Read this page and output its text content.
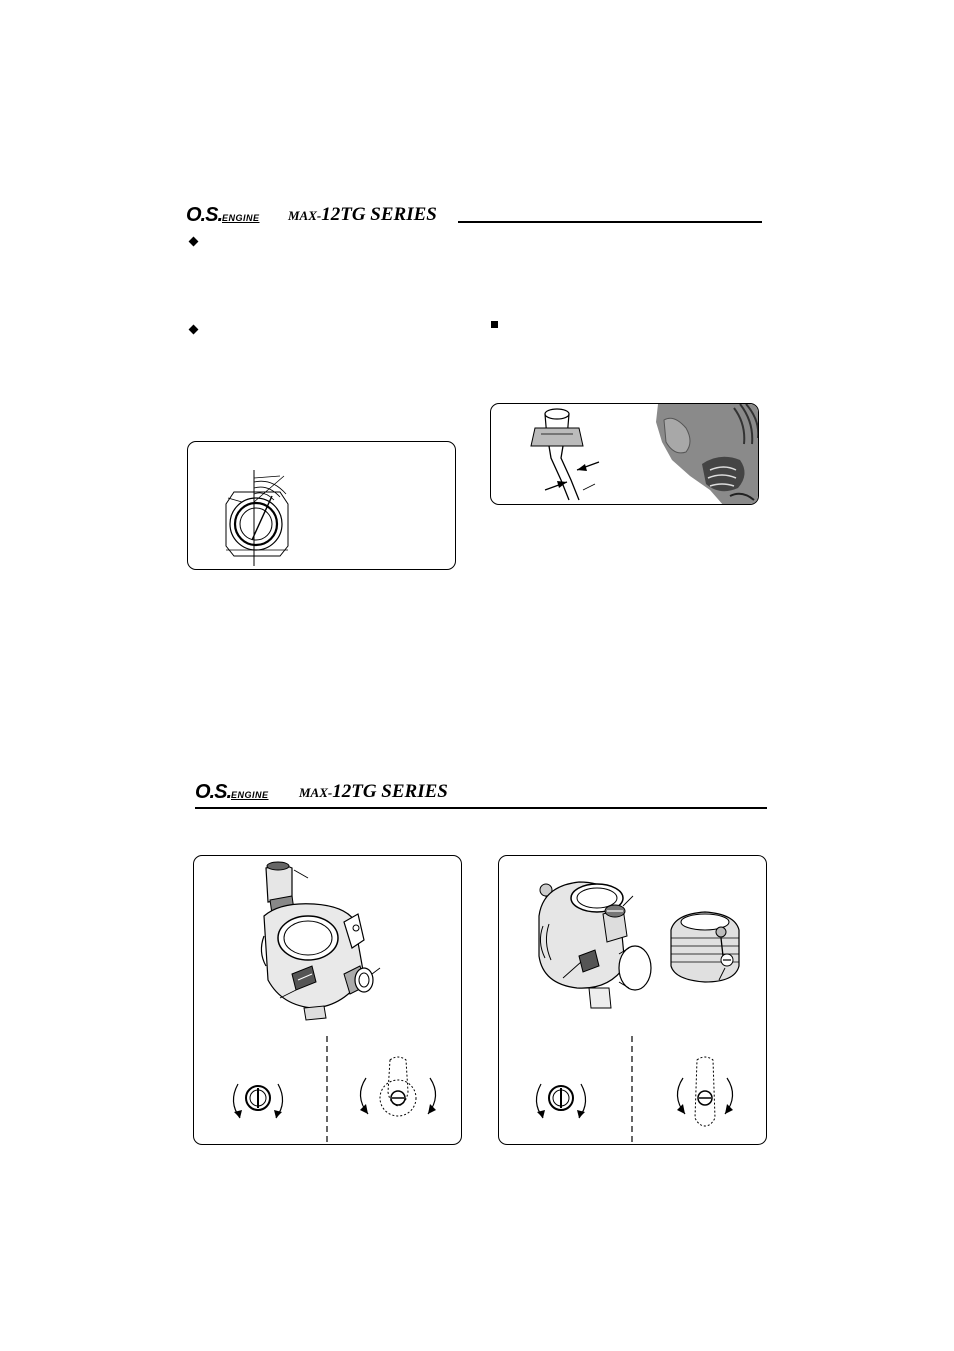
O.S. ENGINE MAX-12TG SERIES
O.S. ENGINE MAX-12TG SERIES
